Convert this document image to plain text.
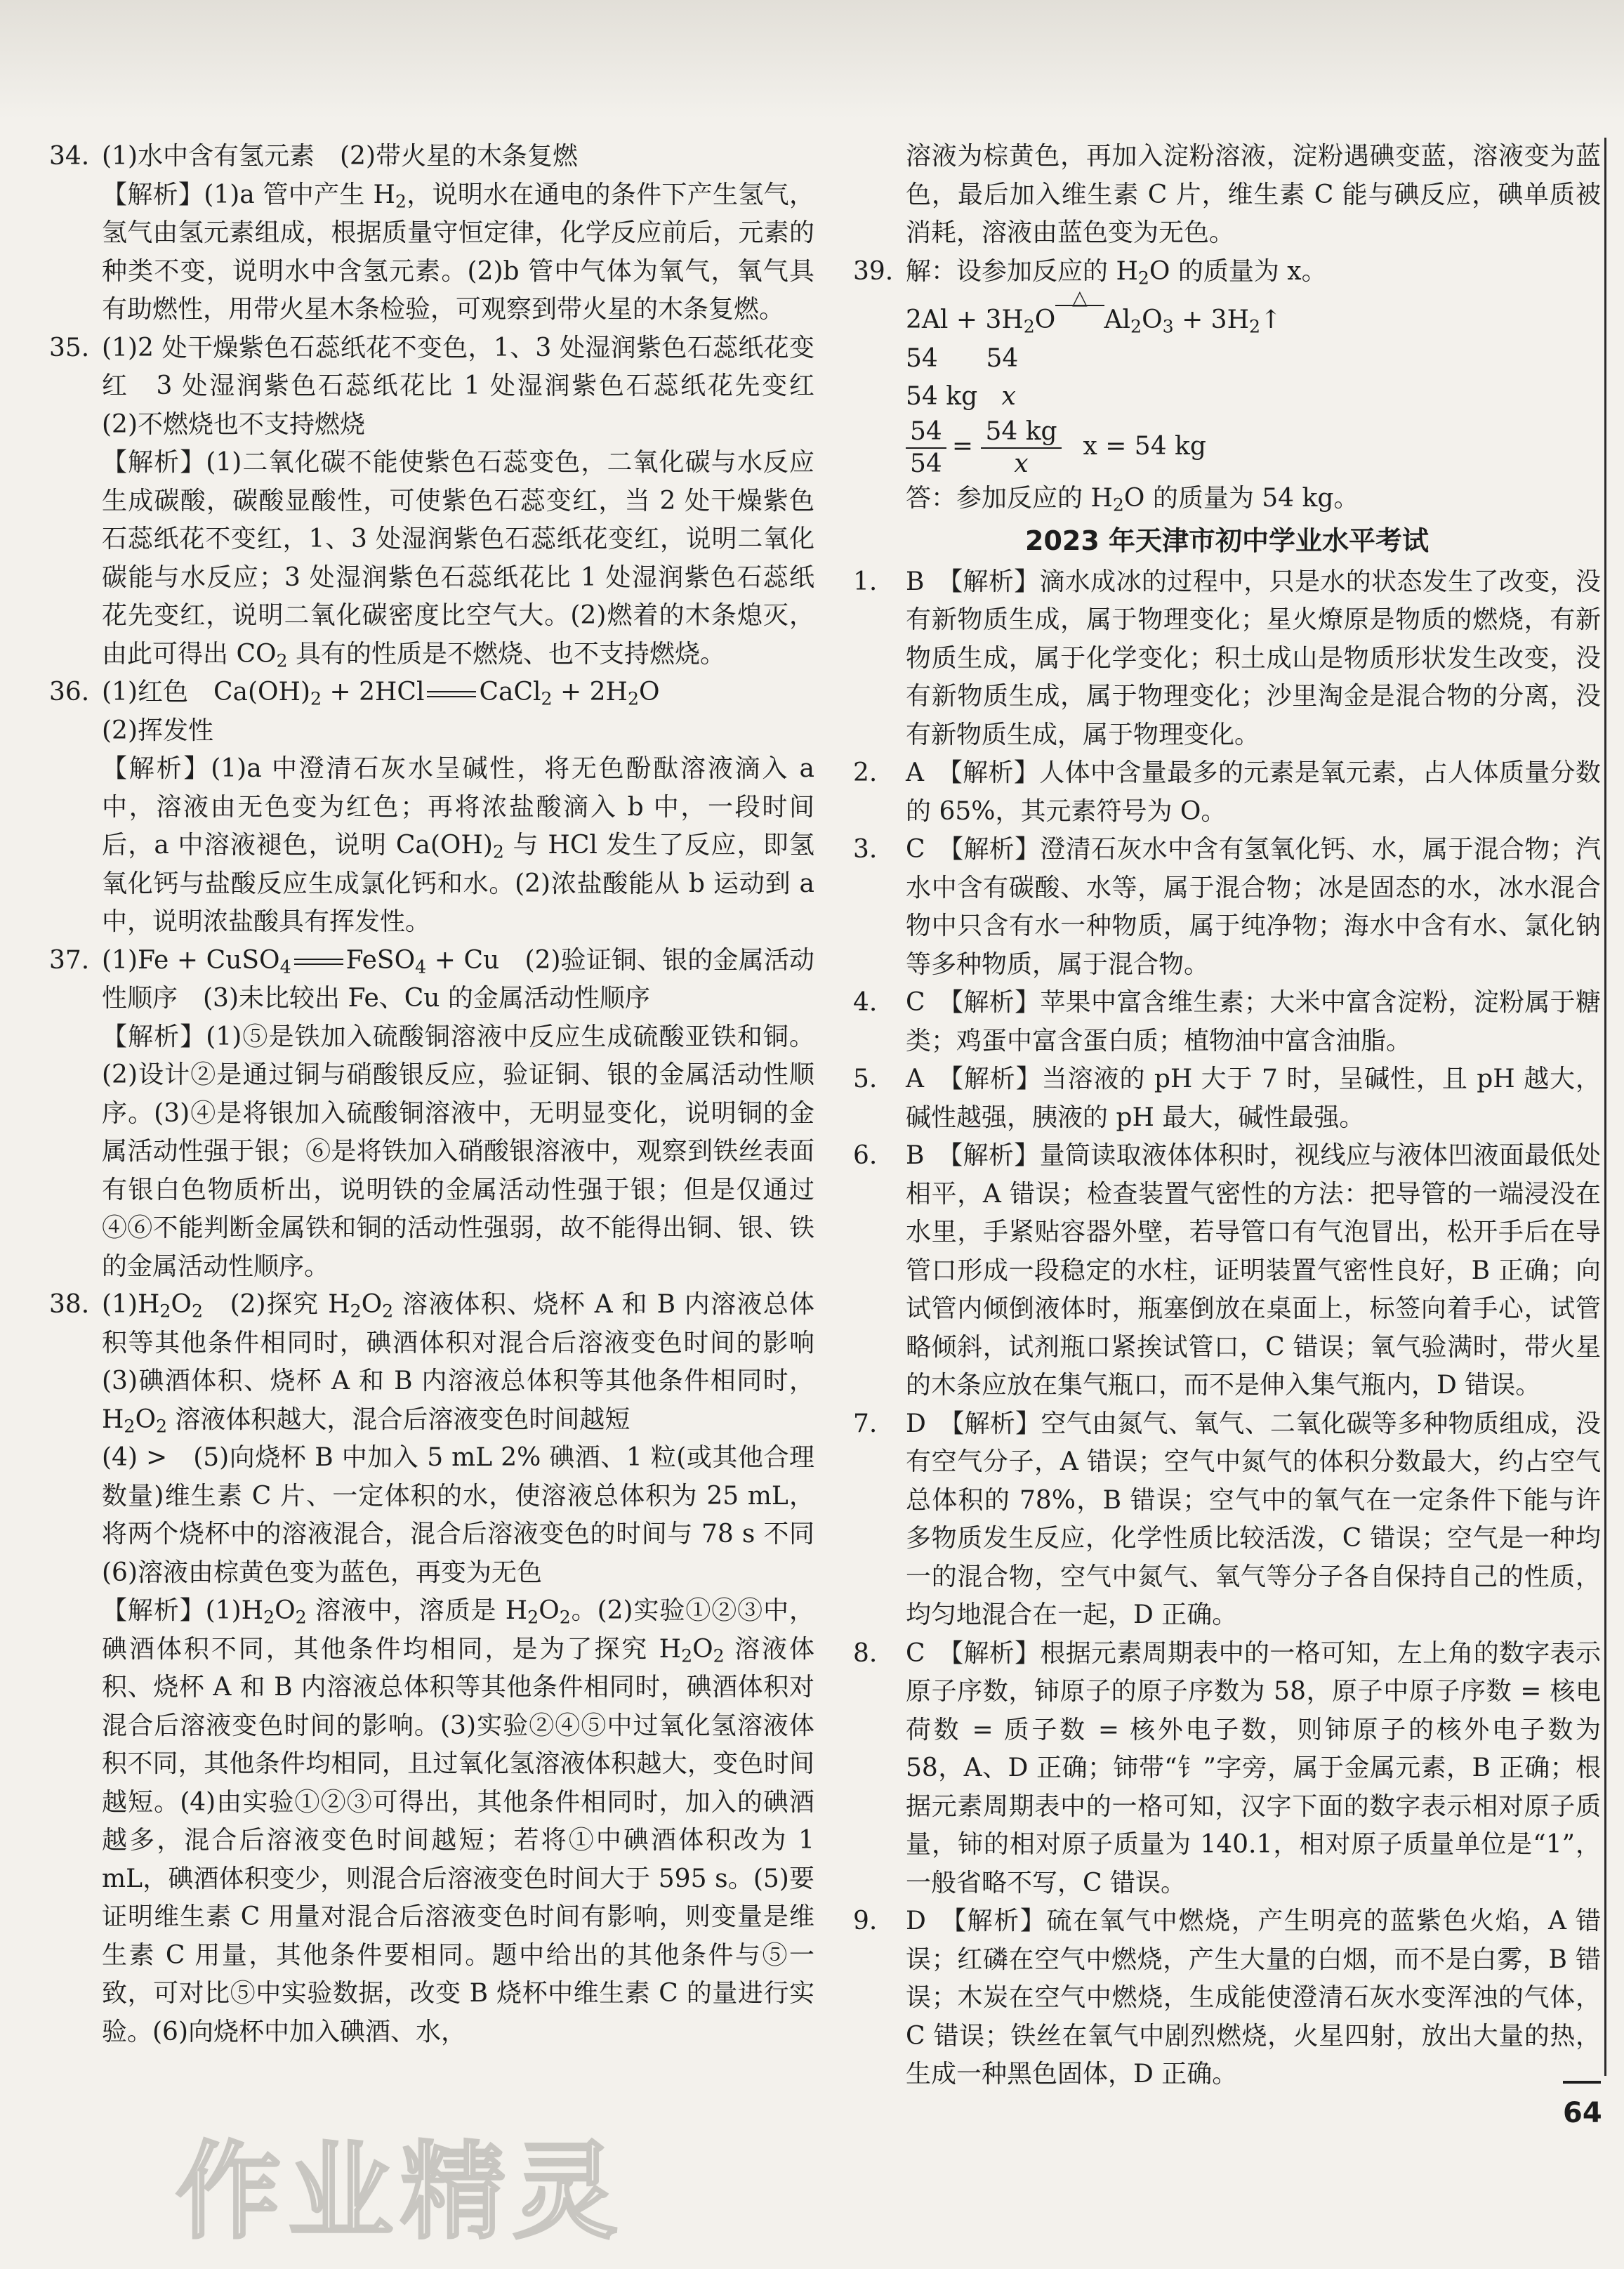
34. (1)水中含有氢元素　(2)带火星的木条复燃
【解析】(1)a 管中产生 $H_2$，说明水在通电的条件下产生氢气，氢气由氢元素组成，根据质量守恒定律，化学反应前后，元素的种类不变，说明水中含氢元素。(2)b 管中气体为氧气，氧气具有助燃性，用带火星木条检验，可观察到带火星的木条复燃。
35. (1)2 处干燥紫色石蕊纸花不变色，1、3 处湿润紫色石蕊纸花变红　3 处湿润紫色石蕊纸花比 1 处湿润紫色石蕊纸花先变红　(2)不燃烧也不支持燃烧
【解析】(1)二氧化碳不能使紫色石蕊变色，二氧化碳与水反应生成碳酸，碳酸显酸性，可使紫色石蕊变红，当 2 处干燥紫色石蕊纸花不变红，1、3 处湿润紫色石蕊纸花变红，说明二氧化碳能与水反应；3 处湿润紫色石蕊纸花比 1 处湿润紫色石蕊纸花先变红，说明二氧化碳密度比空气大。(2)燃着的木条熄灭，由此可得出 $CO_2$ 具有的性质是不燃烧、也不支持燃烧。
36. (1)红色　$Ca(OH)_2 + 2HCl$ CaCl$_2$ + $2H_2O$
(2)挥发性
【解析】(1)a 中澄清石灰水呈碱性，将无色酚酞溶液滴入 a 中，溶液由无色变为红色；再将浓盐酸滴入 b 中，一段时间后，a 中溶液褪色，说明 $Ca(OH)_2$ 与 HCl 发生了反应，即氢氧化钙与盐酸反应生成氯化钙和水。(2)浓盐酸能从 b 运动到 a 中，说明浓盐酸具有挥发性。
37. (1)Fe + CuSO$_4$ FeSO$_4$ + Cu　(2)验证铜、银的金属活动性顺序　(3)未比较出 Fe、Cu 的金属活动性顺序
【解析】(1)⑤是铁加入硫酸铜溶液中反应生成硫酸亚铁和铜。(2)设计②是通过铜与硝酸银反应，验证铜、银的金属活动性顺序。(3)④是将银加入硫酸铜溶液中，无明显变化，说明铜的金属活动性强于银；⑥是将铁加入硝酸银溶液中，观察到铁丝表面有银白色物质析出，说明铁的金属活动性强于银；但是仅通过④⑥不能判断金属铁和铜的活动性强弱，故不能得出铜、银、铁的金属活动性顺序。
38. $(1)H_2O_2$　(2)探究 $H_2O_2$ 溶液体积、烧杯 A 和 B 内溶液总体积等其他条件相同时，碘酒体积对混合后溶液变色时间的影响　(3)碘酒体积、烧杯 A 和 B 内溶液总体积等其他条件相同时，$H_2O_2$ 溶液体积越大，混合后溶液变色时间越短
(4) >　(5)向烧杯 B 中加入 5 mL 2% 碘酒、1 粒(或其他合理数量)维生素 C 片、一定体积的水，使溶液总体积为 25 mL，将两个烧杯中的溶液混合，混合后溶液变色的时间与 78 s 不同　(6)溶液由棕黄色变为蓝色，再变为无色
【解析】$(1)H_2O_2$ 溶液中，溶质是 $H_2O_2$。(2)实验①②③中，碘酒体积不同，其他条件均相同，是为了探究 $H_2O_2$ 溶液体积、烧杯 A 和 B 内溶液总体积等其他条件相同时，碘酒体积对混合后溶液变色时间的影响。(3)实验②④⑤中过氧化氢溶液体积不同，其他条件均相同，且过氧化氢溶液体积越大，变色时间越短。(4)由实验①②③可得出，其他条件相同时，加入的碘酒越多，混合后溶液变色时间越短；若将①中碘酒体积改为 1 mL，碘酒体积变少，则混合后溶液变色时间大于 595 s。(5)要证明维生素 C 用量对混合后溶液变色时间有影响，则变量是维生素 C 用量，其他条件要相同。题中给出的其他条件与⑤一致，可对比⑤中实验数据，改变 B 烧杯中维生素 C 的量进行实验。(6)向烧杯中加入碘酒、水，
溶液为棕黄色，再加入淀粉溶液，淀粉遇碘变蓝，溶液变为蓝色，最后加入维生素 C 片，维生素 C 能与碘反应，碘单质被消耗，溶液由蓝色变为无色。
39. 解：设参加反应的 $H_2O$ 的质量为 x。
$2Al + 3H_2O$
△
$Al_2O_3$ + $3H_2↑$
54 54
54 kg x
$\frac{54}{54} = \frac{54 kg}{x}$ x = 54 kg
答：参加反应的 $H_2O$ 的质量为 54 kg。
2023 年天津市初中学业水平考试
1. B　【解析】滴水成冰的过程中，只是水的状态发生了改变，没有新物质生成，属于物理变化；星火燎原是物质的燃烧，有新物质生成，属于化学变化；积土成山是物质形状发生改变，没有新物质生成，属于物理变化；沙里淘金是混合物的分离，没有新物质生成，属于物理变化。
2. A　【解析】人体中含量最多的元素是氧元素，占人体质量分数的 65%，其元素符号为 O。
3. C　【解析】澄清石灰水中含有氢氧化钙、水，属于混合物；汽水中含有碳酸、水等，属于混合物；冰是固态的水，冰水混合物中只含有水一种物质，属于纯净物；海水中含有水、氯化钠等多种物质，属于混合物。
4. C　【解析】苹果中富含维生素；大米中富含淀粉，淀粉属于糖类；鸡蛋中富含蛋白质；植物油中富含油脂。
5. A　【解析】当溶液的 pH 大于 7 时，呈碱性，且 pH 越大，碱性越强，胰液的 pH 最大，碱性最强。
6. B　【解析】量筒读取液体体积时，视线应与液体凹液面最低处相平，A 错误；检查装置气密性的方法：把导管的一端浸没在水里，手紧贴容器外壁，若导管口有气泡冒出，松开手后在导管口形成一段稳定的水柱，证明装置气密性良好，B 正确；向试管内倾倒液体时，瓶塞倒放在桌面上，标签向着手心，试管略倾斜，试剂瓶口紧挨试管口，C 错误；氧气验满时，带火星的木条应放在集气瓶口，而不是伸入集气瓶内，D 错误。
7. D　【解析】空气由氮气、氧气、二氧化碳等多种物质组成，没有空气分子，A 错误；空气中氮气的体积分数最大，约占空气总体积的 78%，B 错误；空气中的氧气在一定条件下能与许多物质发生反应，化学性质比较活泼，C 错误；空气是一种均一的混合物，空气中氮气、氧气等分子各自保持自己的性质，均匀地混合在一起，D 正确。
8. C　【解析】根据元素周期表中的一格可知，左上角的数字表示原子序数，铈原子的原子序数为 58，原子中原子序数 = 核电荷数 = 质子数 = 核外电子数，则铈原子的核外电子数为 58，A、D 正确；铈带“钅”字旁，属于金属元素，B 正确；根据元素周期表中的一格可知，汉字下面的数字表示相对原子质量，铈的相对原子质量为 140.1，相对原子质量单位是“1”，一般省略不写，C 错误。
9. D　【解析】硫在氧气中燃烧，产生明亮的蓝紫色火焰，A 错误；红磷在空气中燃烧，产生大量的白烟，而不是白雾，B 错误；木炭在空气中燃烧，生成能使澄清石灰水变浑浊的气体，C 错误；铁丝在氧气中剧烈燃烧，火星四射，放出大量的热，生成一种黑色固体，D 正确。
64
作业精灵
